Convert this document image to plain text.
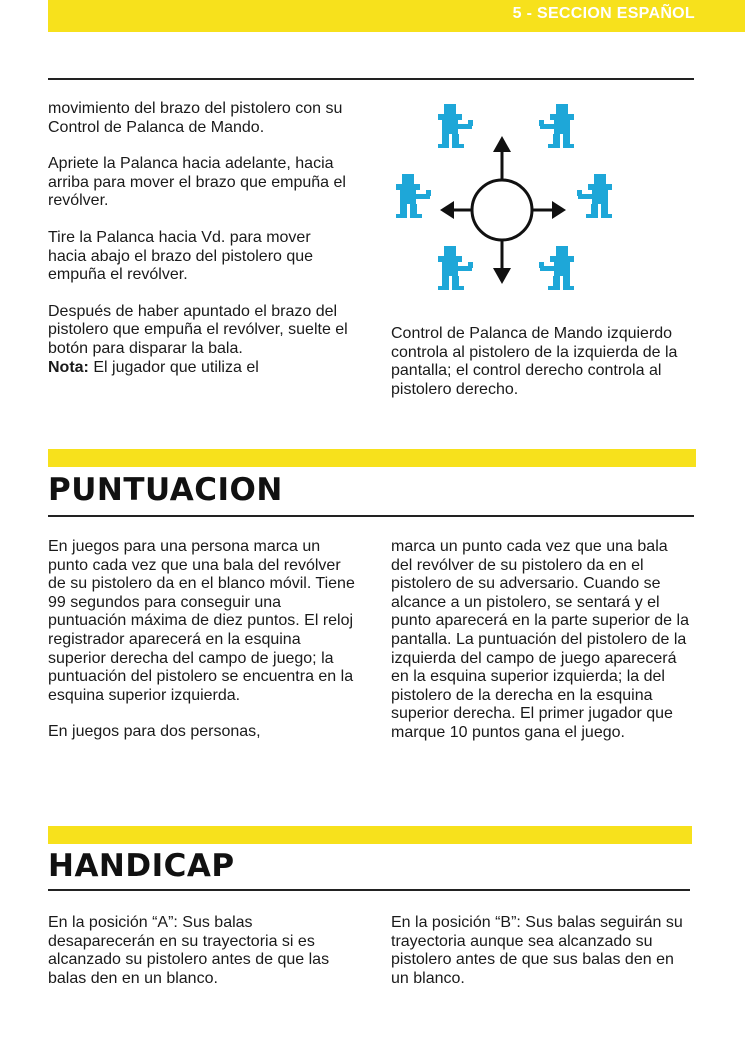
5 - SECCION ESPAÑOL

movimiento del brazo del pistolero con su Control de Palanca de Mando.

Apriete la Palanca hacia adelante, hacia arriba para mover el brazo que empuña el revólver.

Tire la Palanca hacia Vd. para mover hacia abajo el brazo del pistolero que empuña el revólver.

Después de haber apuntado el brazo del pistolero que empuña el revólver, suelte el botón para disparar la bala.

Nota: El jugador que utiliza el
Control de Palanca de Mando izquierdo controla al pistolero de la izquierda de la pantalla; el control derecho controla al pistolero derecho.
PUNTUACION

En juegos para una persona marca un punto cada vez que una bala del revólver de su pistolero da en el blanco móvil. Tiene 99 segundos para conseguir una puntuación máxima de diez puntos. El reloj registrador aparecerá en la esquina superior derecha del campo de juego; la puntuación del pistolero se encuentra en la esquina superior izquierda.

En juegos para dos personas,

marca un punto cada vez que una bala del revólver de su pistolero da en el pistolero de su adversario. Cuando se alcance a un pistolero, se sentará y el punto aparecerá en la parte superior de la pantalla. La puntuación del pistolero de la izquierda del campo de juego aparecerá en la esquina superior izquierda; la del pistolero de la derecha en la esquina superior derecha. El primer jugador que marque 10 puntos gana el juego.

HANDICAP
En la posición “A”: Sus balas desaparecerán en su trayectoria si es alcanzado su pistolero antes de que las balas den en un blanco.
En la posición “B”: Sus balas seguirán su trayectoria aunque sea alcanzado su pistolero antes de que sus balas den en un blanco.
